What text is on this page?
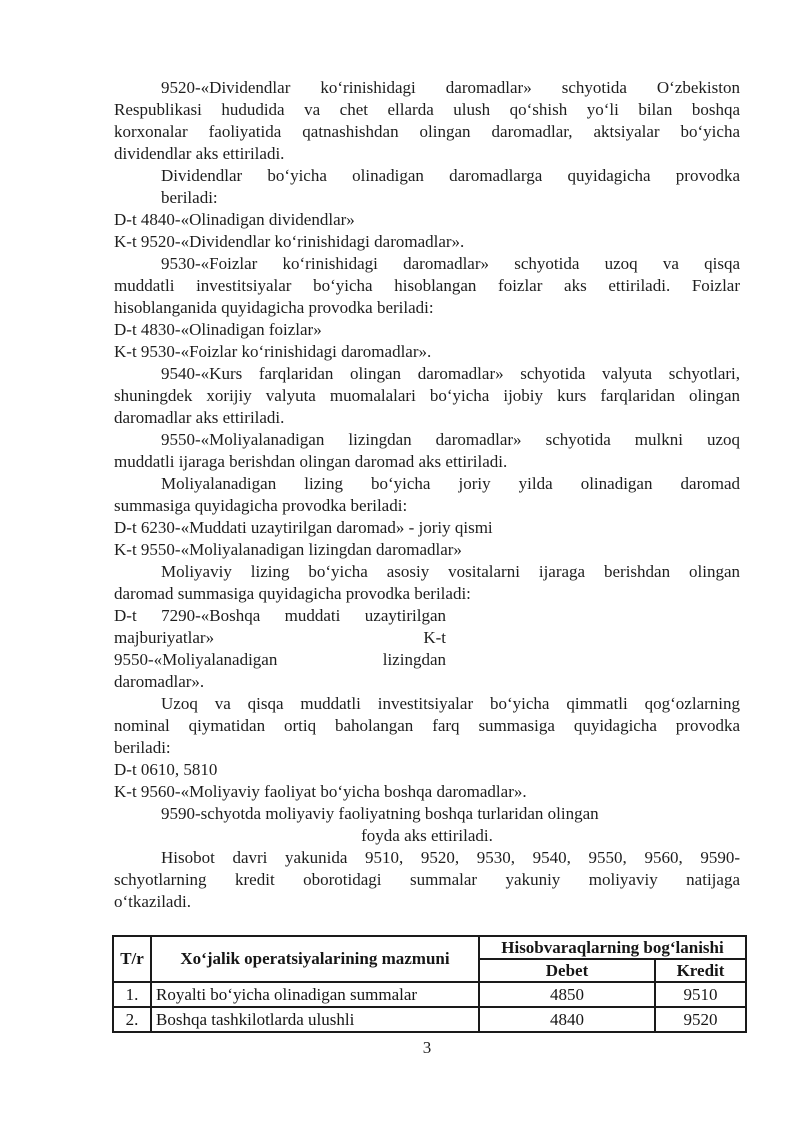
9520-«Dividendlar ko‘rinishidagi daromadlar» schyotida O‘zbekiston
Respublikasi hududida va chet ellarda ulush qo‘shish yo‘li bilan boshqa
korxonalar faoliyatida qatnashishdan olingan daromadlar, aktsiyalar bo‘yicha
dividendlar aks ettiriladi.
Dividendlar bo‘yicha olinadigan daromadlarga quyidagicha provodka
beriladi:
D-t 4840-«Olinadigan dividendlar»
K-t 9520-«Dividendlar ko‘rinishidagi daromadlar».
9530-«Foizlar ko‘rinishidagi daromadlar» schyotida uzoq va qisqa
muddatli investitsiyalar bo‘yicha hisoblangan foizlar aks ettiriladi. Foizlar
hisoblanganida quyidagicha provodka beriladi:
D-t 4830-«Olinadigan foizlar»
K-t 9530-«Foizlar ko‘rinishidagi daromadlar».
9540-«Kurs farqlaridan olingan daromadlar» schyotida valyuta schyotlari,
shuningdek xorijiy valyuta muomalalari bo‘yicha ijobiy kurs farqlaridan olingan
daromadlar aks ettiriladi.
9550-«Moliyalanadigan lizingdan daromadlar» schyotida mulkni uzoq
muddatli ijaraga berishdan olingan daromad aks ettiriladi.
Moliyalanadigan lizing bo‘yicha joriy yilda olinadigan daromad
summasiga quyidagicha provodka beriladi:
D-t 6230-«Muddati uzaytirilgan daromad» - joriy qismi
K-t 9550-«Moliyalanadigan lizingdan daromadlar»
Moliyaviy lizing bo‘yicha asosiy vositalarni ijaraga berishdan olingan
daromad summasiga quyidagicha provodka beriladi:
D-t 7290-«Boshqa muddati uzaytirilgan
majburiyatlar» K-t
9550-«Moliyalanadigan lizingdan
daromadlar».
Uzoq va qisqa muddatli investitsiyalar bo‘yicha qimmatli qog‘ozlarning
nominal qiymatidan ortiq baholangan farq summasiga quyidagicha provodka
beriladi:
D-t 0610, 5810
K-t 9560-«Moliyaviy faoliyat bo‘yicha boshqa daromadlar».
9590-schyotda moliyaviy faoliyatning boshqa turlaridan olingan
foyda aks ettiriladi.
Hisobot davri yakunida 9510, 9520, 9530, 9540, 9550, 9560, 9590-
schyotlarning kredit oborotidagi summalar yakuniy moliyaviy natijaga
o‘tkaziladi.
T/r	Xo‘jalik operatsiyalarining mazmuni	Hisobvaraqlarning bog‘lanishi	
		Debet	Kredit
1.	Royalti bo‘yicha olinadigan summalar	4850	9510
2.	Boshqa tashkilotlarda ulushli	4840	9520
3
